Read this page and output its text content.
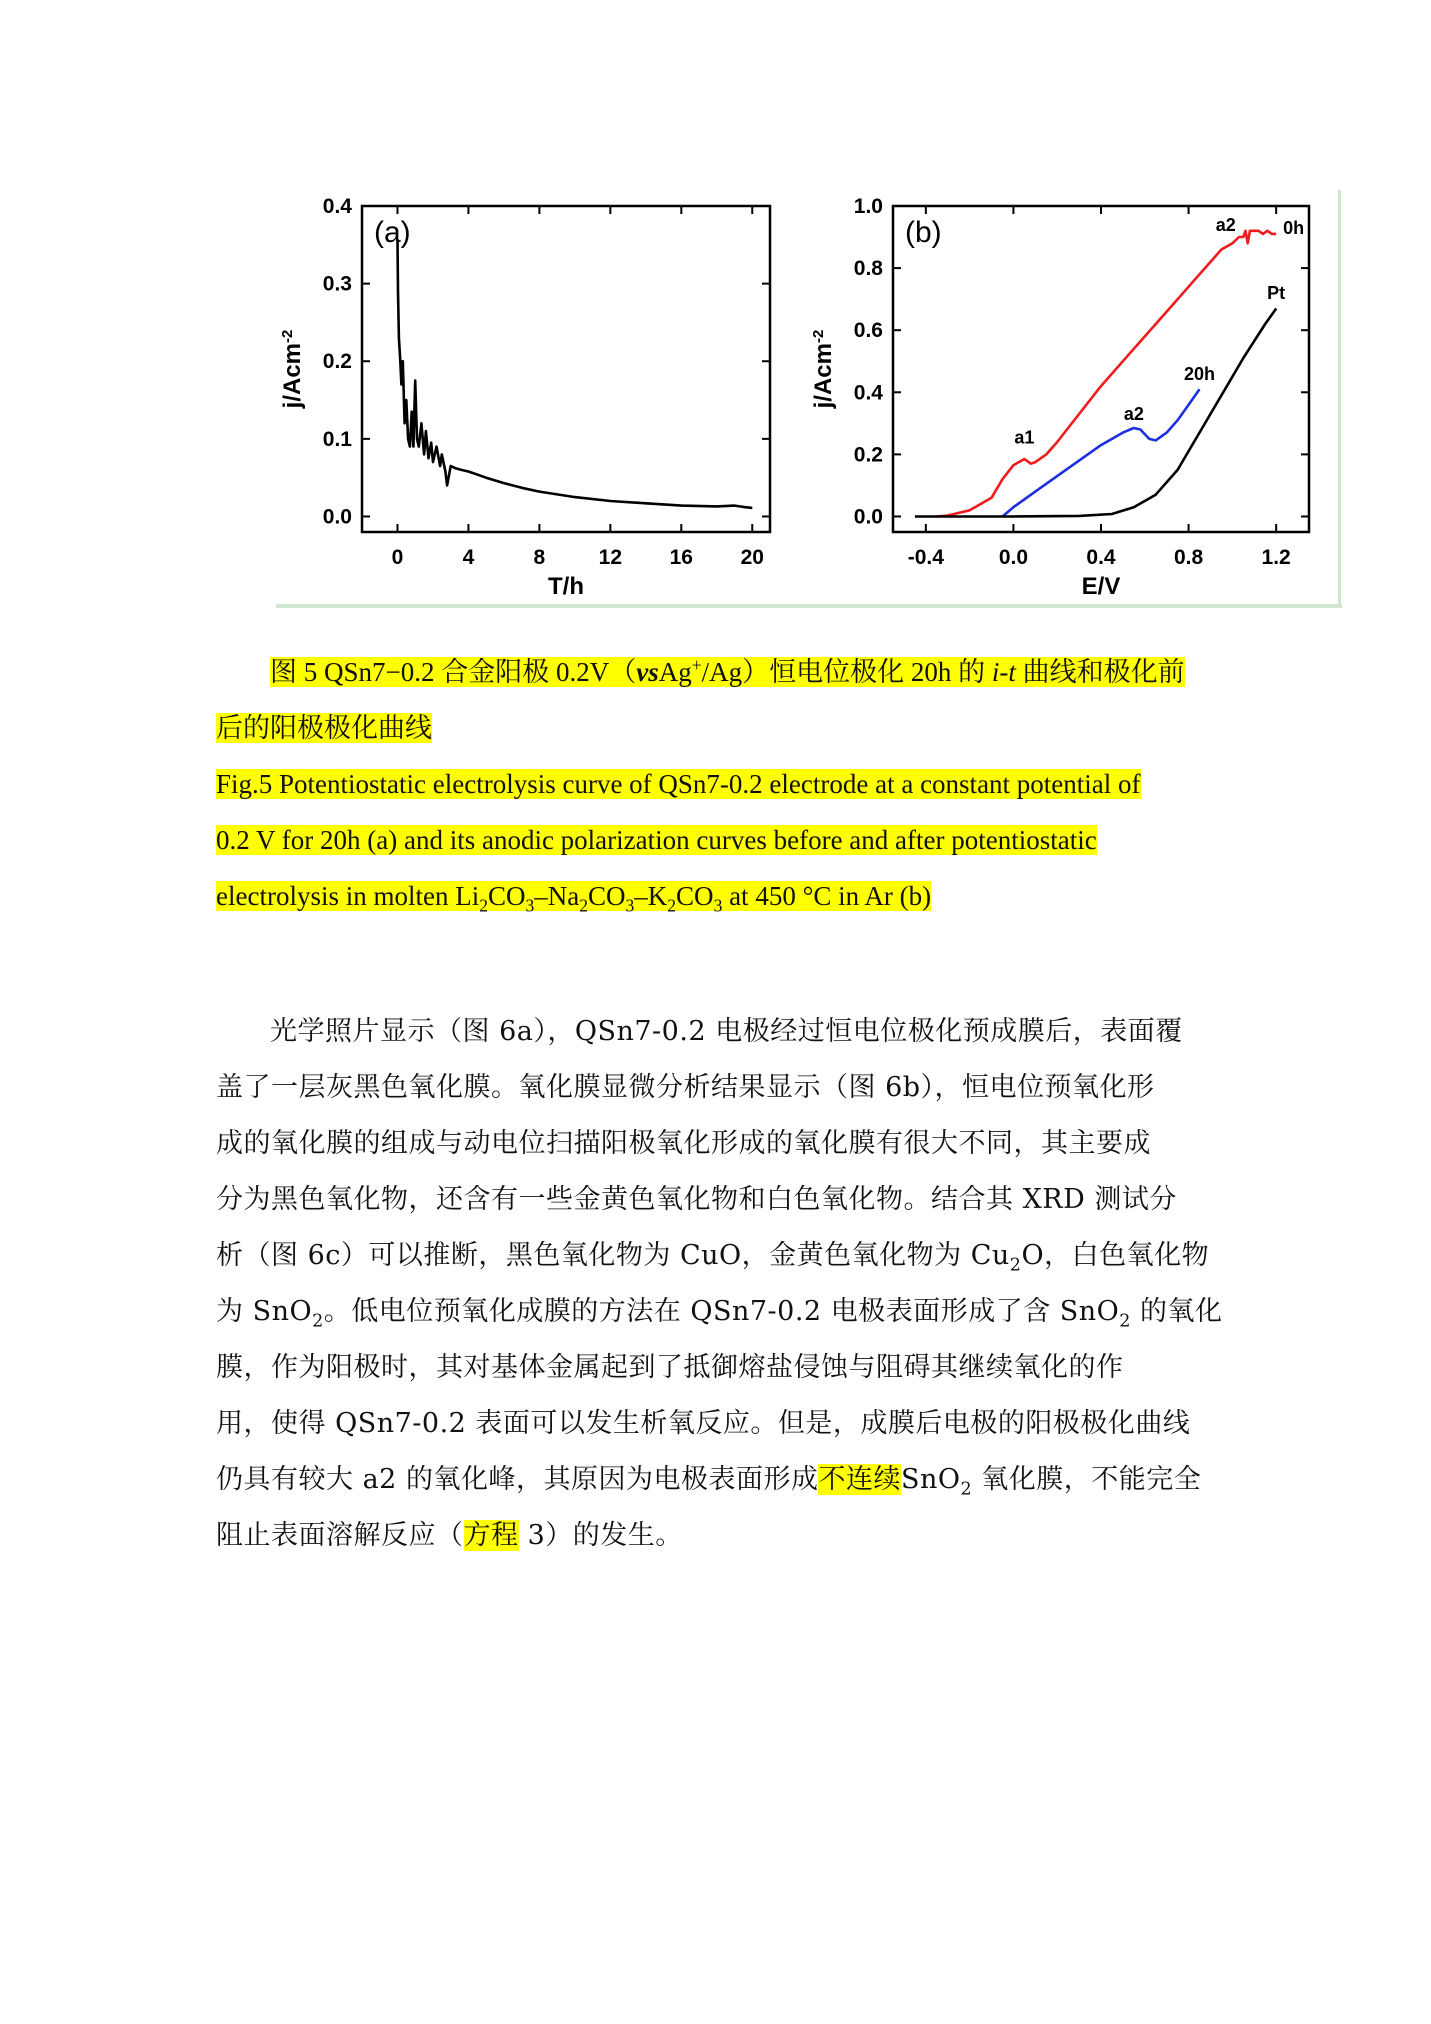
0	4	8	12 16 20
0.0
0.1
0.2
0.3
0.4
T/h
j/Acm$^{-2}$
(a)
-0.4	0.0	0.4	0.8	1.2
0.0
0.2
0.4
0.6
0.8
1.0
E/V
j/Acm$^{-2}$
(b)
a1
a2
20h
Pt
a2	0h
图 5 QSn7−0.2 合金阳极 0.2V（vsAg+/Ag）恒电位极化 20h 的 i-t 曲线和极化前
后的阳极极化曲线
Fig.5 Potentiostatic electrolysis curve of QSn7-0.2 electrode at a constant potential of
0.2 V for 20h (a) and its anodic polarization curves before and after potentiostatic
electrolysis in molten $Li_2CO_3-Na_2CO_3-K_2CO_3$ at 450 °C in Ar (b)
光学照片显示（图 6a），QSn7-0.2 电极经过恒电位极化预成膜后，表面覆
盖了一层灰黑色氧化膜。氧化膜显微分析结果显示（图 6b），恒电位预氧化形
成的氧化膜的组成与动电位扫描阳极氧化形成的氧化膜有很大不同，其主要成
分为黑色氧化物，还含有一些金黄色氧化物和白色氧化物。结合其 XRD 测试分
析（图 6c）可以推断，黑色氧化物为 CuO，金黄色氧化物为 $Cu_2O$，白色氧化物
为 SnO$_2$。低电位预氧化成膜的方法在 QSn7-0.2 电极表面形成了含 SnO$_2$ 的氧化
膜，作为阳极时，其对基体金属起到了抵御熔盐侵蚀与阻碍其继续氧化的作
用，使得 QSn7-0.2 表面可以发生析氧反应。但是，成膜后电极的阳极极化曲线
仍具有较大 a2 的氧化峰，其原因为电极表面形成不连续SnO$_2$ 氧化膜，不能完全
阻止表面溶解反应（方程 3）的发生。
